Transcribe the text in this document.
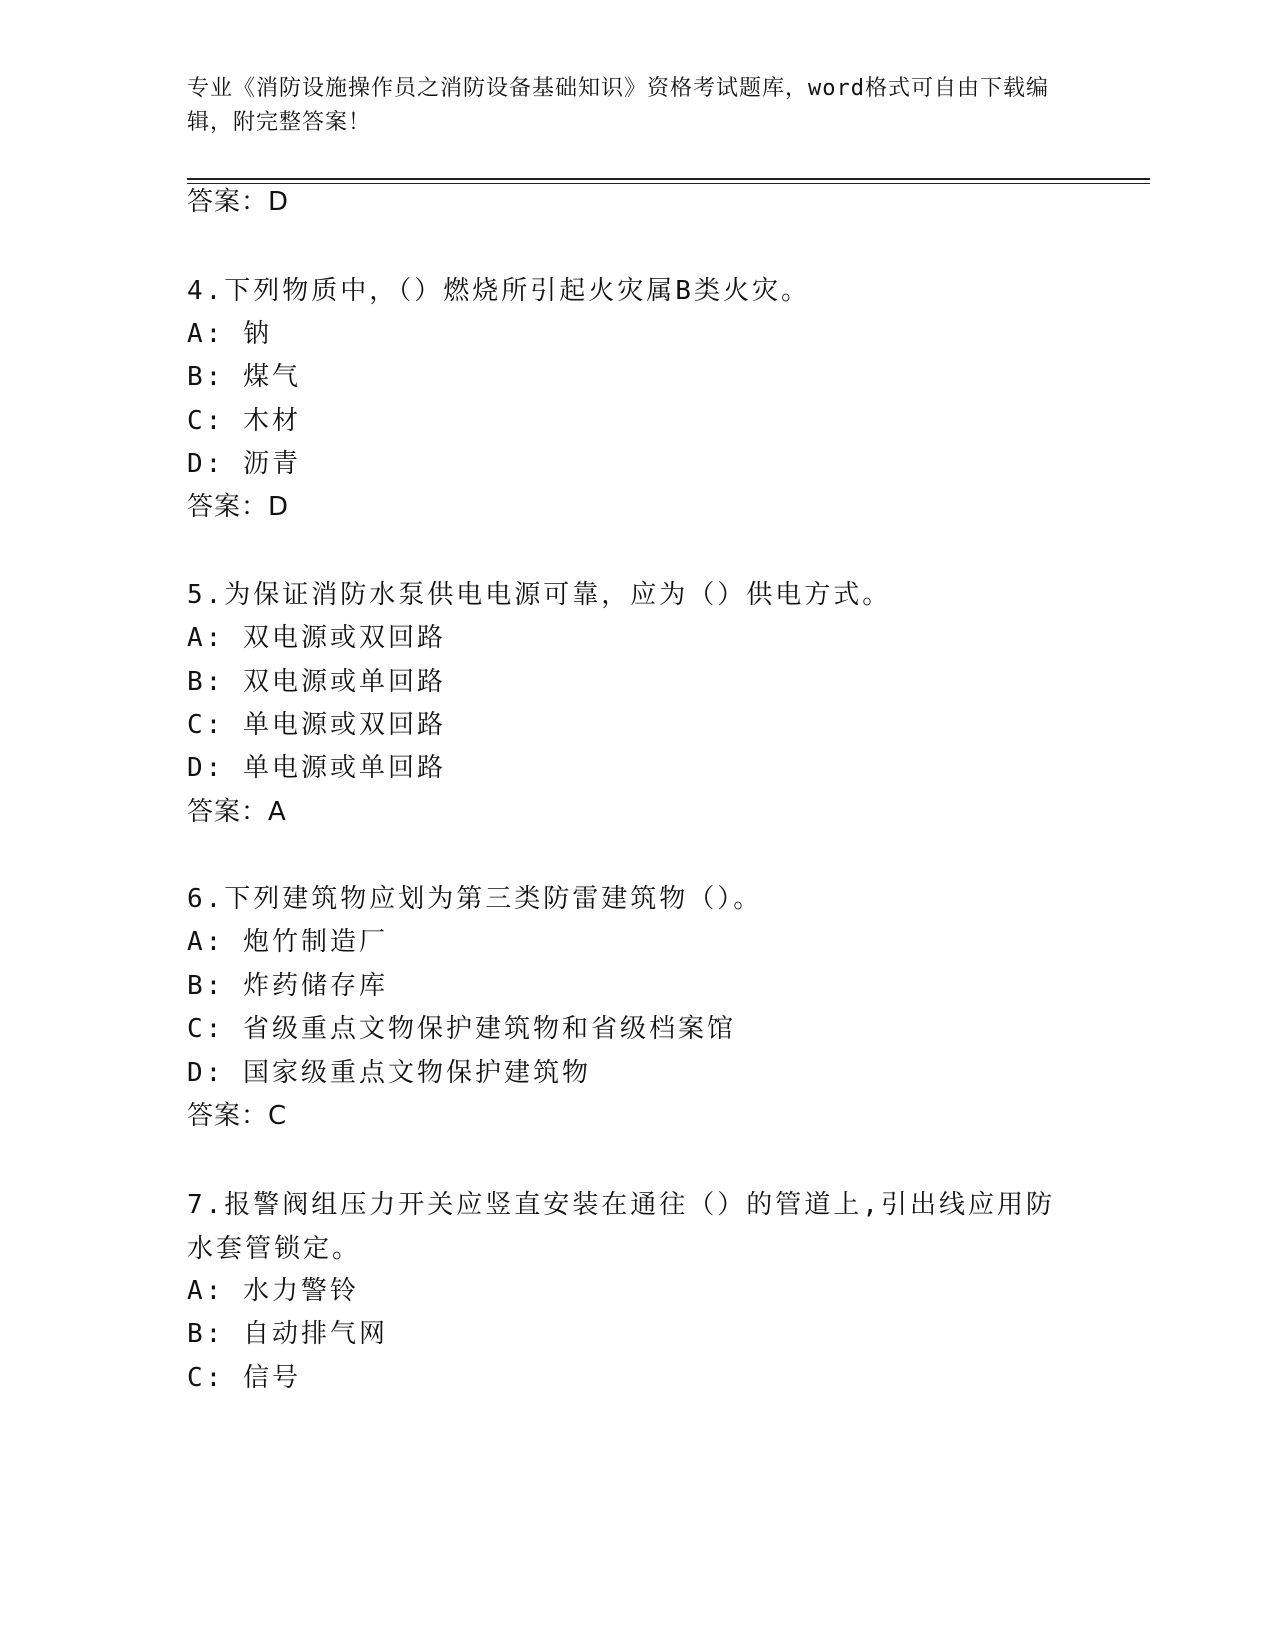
专业《消防设施操作员之消防设备基础知识》资格考试题库，word格式可自由下载编辑，附完整答案！
答案：D
4.下列物质中，（）燃烧所引起火灾属B类火灾。
A: 钠
B: 煤气
C: 木材
D: 沥青
答案：D
5.为保证消防水泵供电电源可靠，应为（）供电方式。
A: 双电源或双回路
B: 双电源或单回路
C: 单电源或双回路
D: 单电源或单回路
答案：A
6.下列建筑物应划为第三类防雷建筑物（）。
A: 炮竹制造厂
B: 炸药储存库
C: 省级重点文物保护建筑物和省级档案馆
D: 国家级重点文物保护建筑物
答案：C
7.报警阀组压力开关应竖直安装在通往（）的管道上,引出线应用防水套管锁定。
A: 水力警铃
B: 自动排气网
C: 信号
